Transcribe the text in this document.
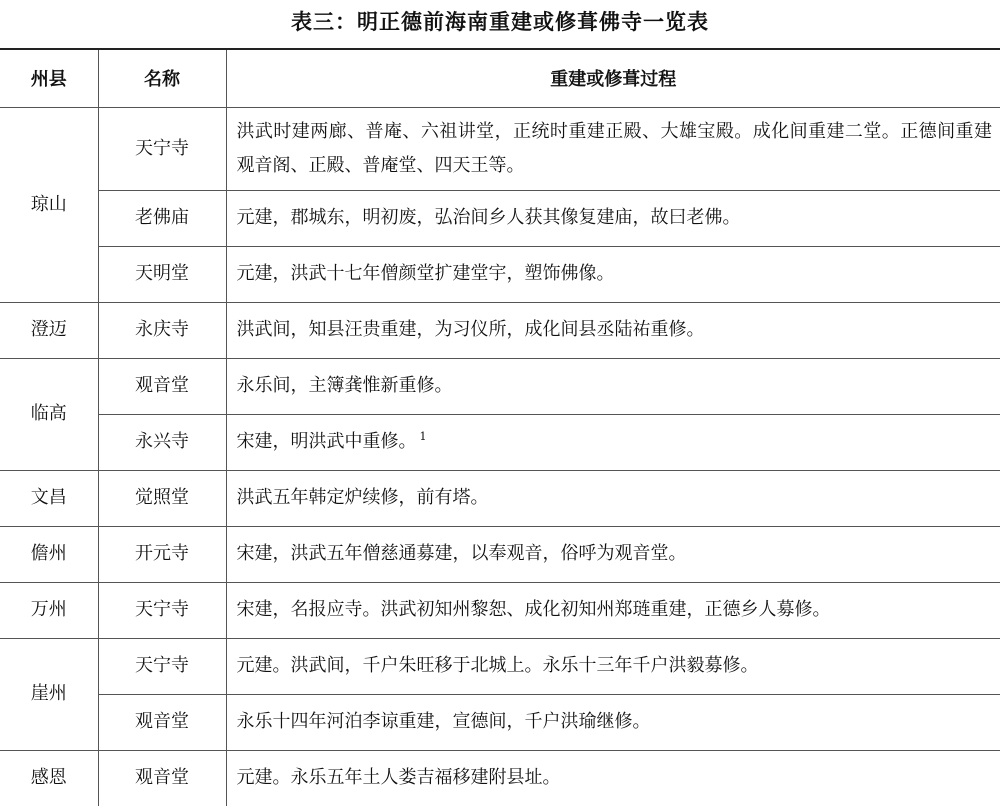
表三：明正德前海南重建或修葺佛寺一览表
州县	名称	重建或修葺过程
琼山	天宁寺	洪武时建两廊、普庵、六祖讲堂，正统时重建正殿、大雄宝殿。成化间重建二堂。正德间重建观音阁、正殿、普庵堂、四天王等。
	老佛庙	元建，郡城东，明初废，弘治间乡人获其像复建庙，故曰老佛。
	天明堂	元建，洪武十七年僧颜堂扩建堂宇，塑饰佛像。
澄迈	永庆寺	洪武间，知县汪贵重建，为习仪所，成化间县丞陆祐重修。
临高	观音堂	永乐间，主簿龚惟新重修。
	永兴寺	宋建，明洪武中重修。 $^1$
文昌	觉照堂	洪武五年韩定炉续修，前有塔。
儋州	开元寺	宋建，洪武五年僧慈通募建，以奉观音，俗呼为观音堂。
万州	天宁寺	宋建，名报应寺。洪武初知州黎恕、成化初知州郑琏重建，正德乡人募修。
崖州	天宁寺	元建。洪武间，千户朱旺移于北城上。永乐十三年千户洪毅募修。
	观音堂	永乐十四年河泊李谅重建，宣德间，千户洪瑜继修。
感恩	观音堂	元建。永乐五年土人娄吉福移建附县址。
